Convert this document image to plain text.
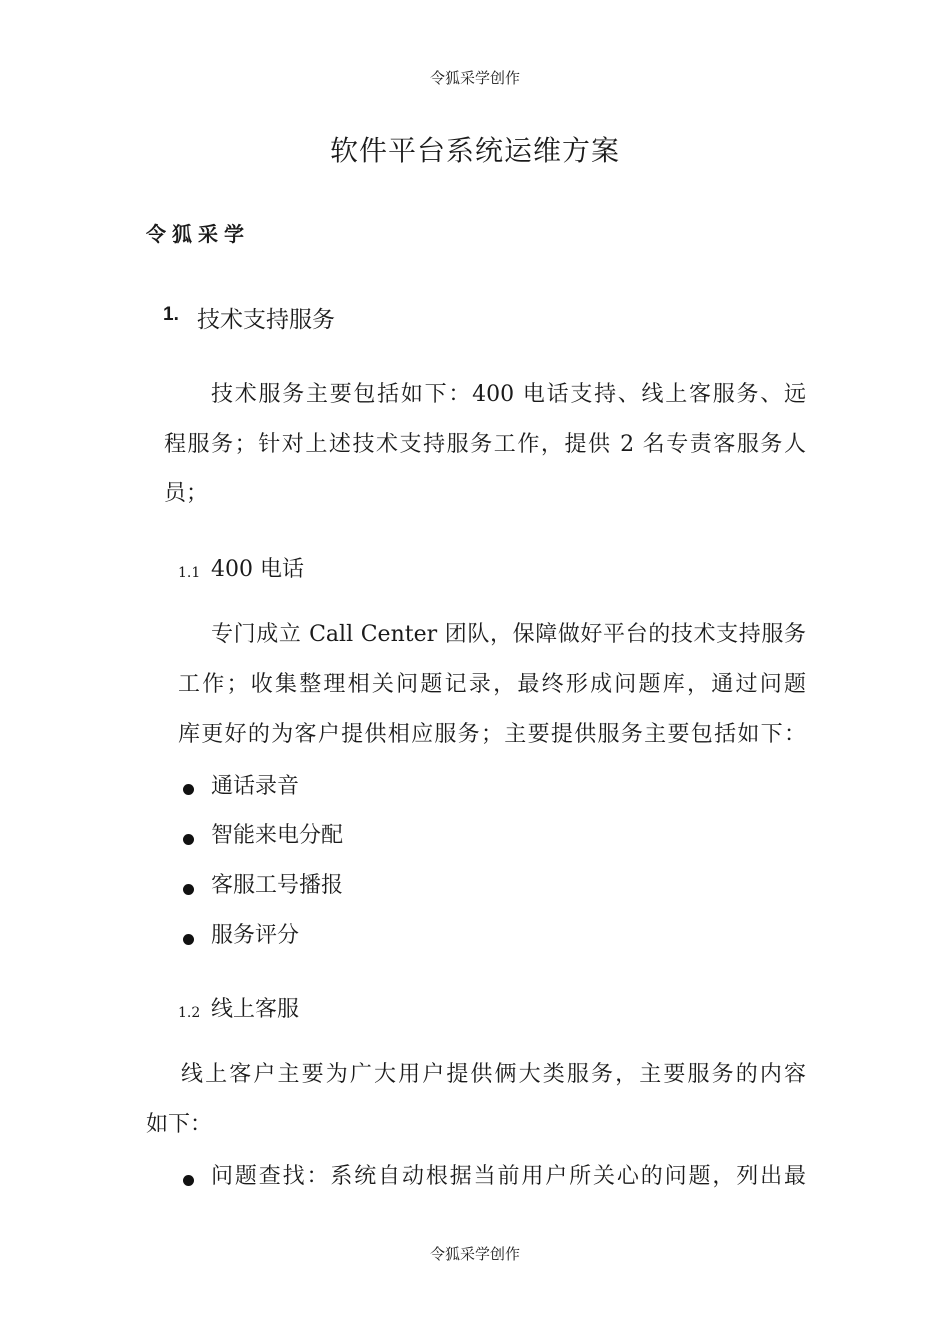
令狐采学创作

软件平台系统运维方案

令狐采学

1. 技术支持服务

技术服务主要包括如下：400 电话支持、线上客服务、远

程服务；针对上述技术支持服务工作，提供 2 名专责客服务人

员；

1.1 400 电话

专门成立 Call Center 团队，保障做好平台的技术支持服务

工作；收集整理相关问题记录，最终形成问题库，通过问题

库更好的为客户提供相应服务；主要提供服务主要包括如下：

通话录音

智能来电分配

客服工号播报

服务评分

1.2 线上客服

线上客户主要为广大用户提供俩大类服务，主要服务的内容

如下：

问题查找：系统自动根据当前用户所关心的问题，列出最

令狐采学创作
